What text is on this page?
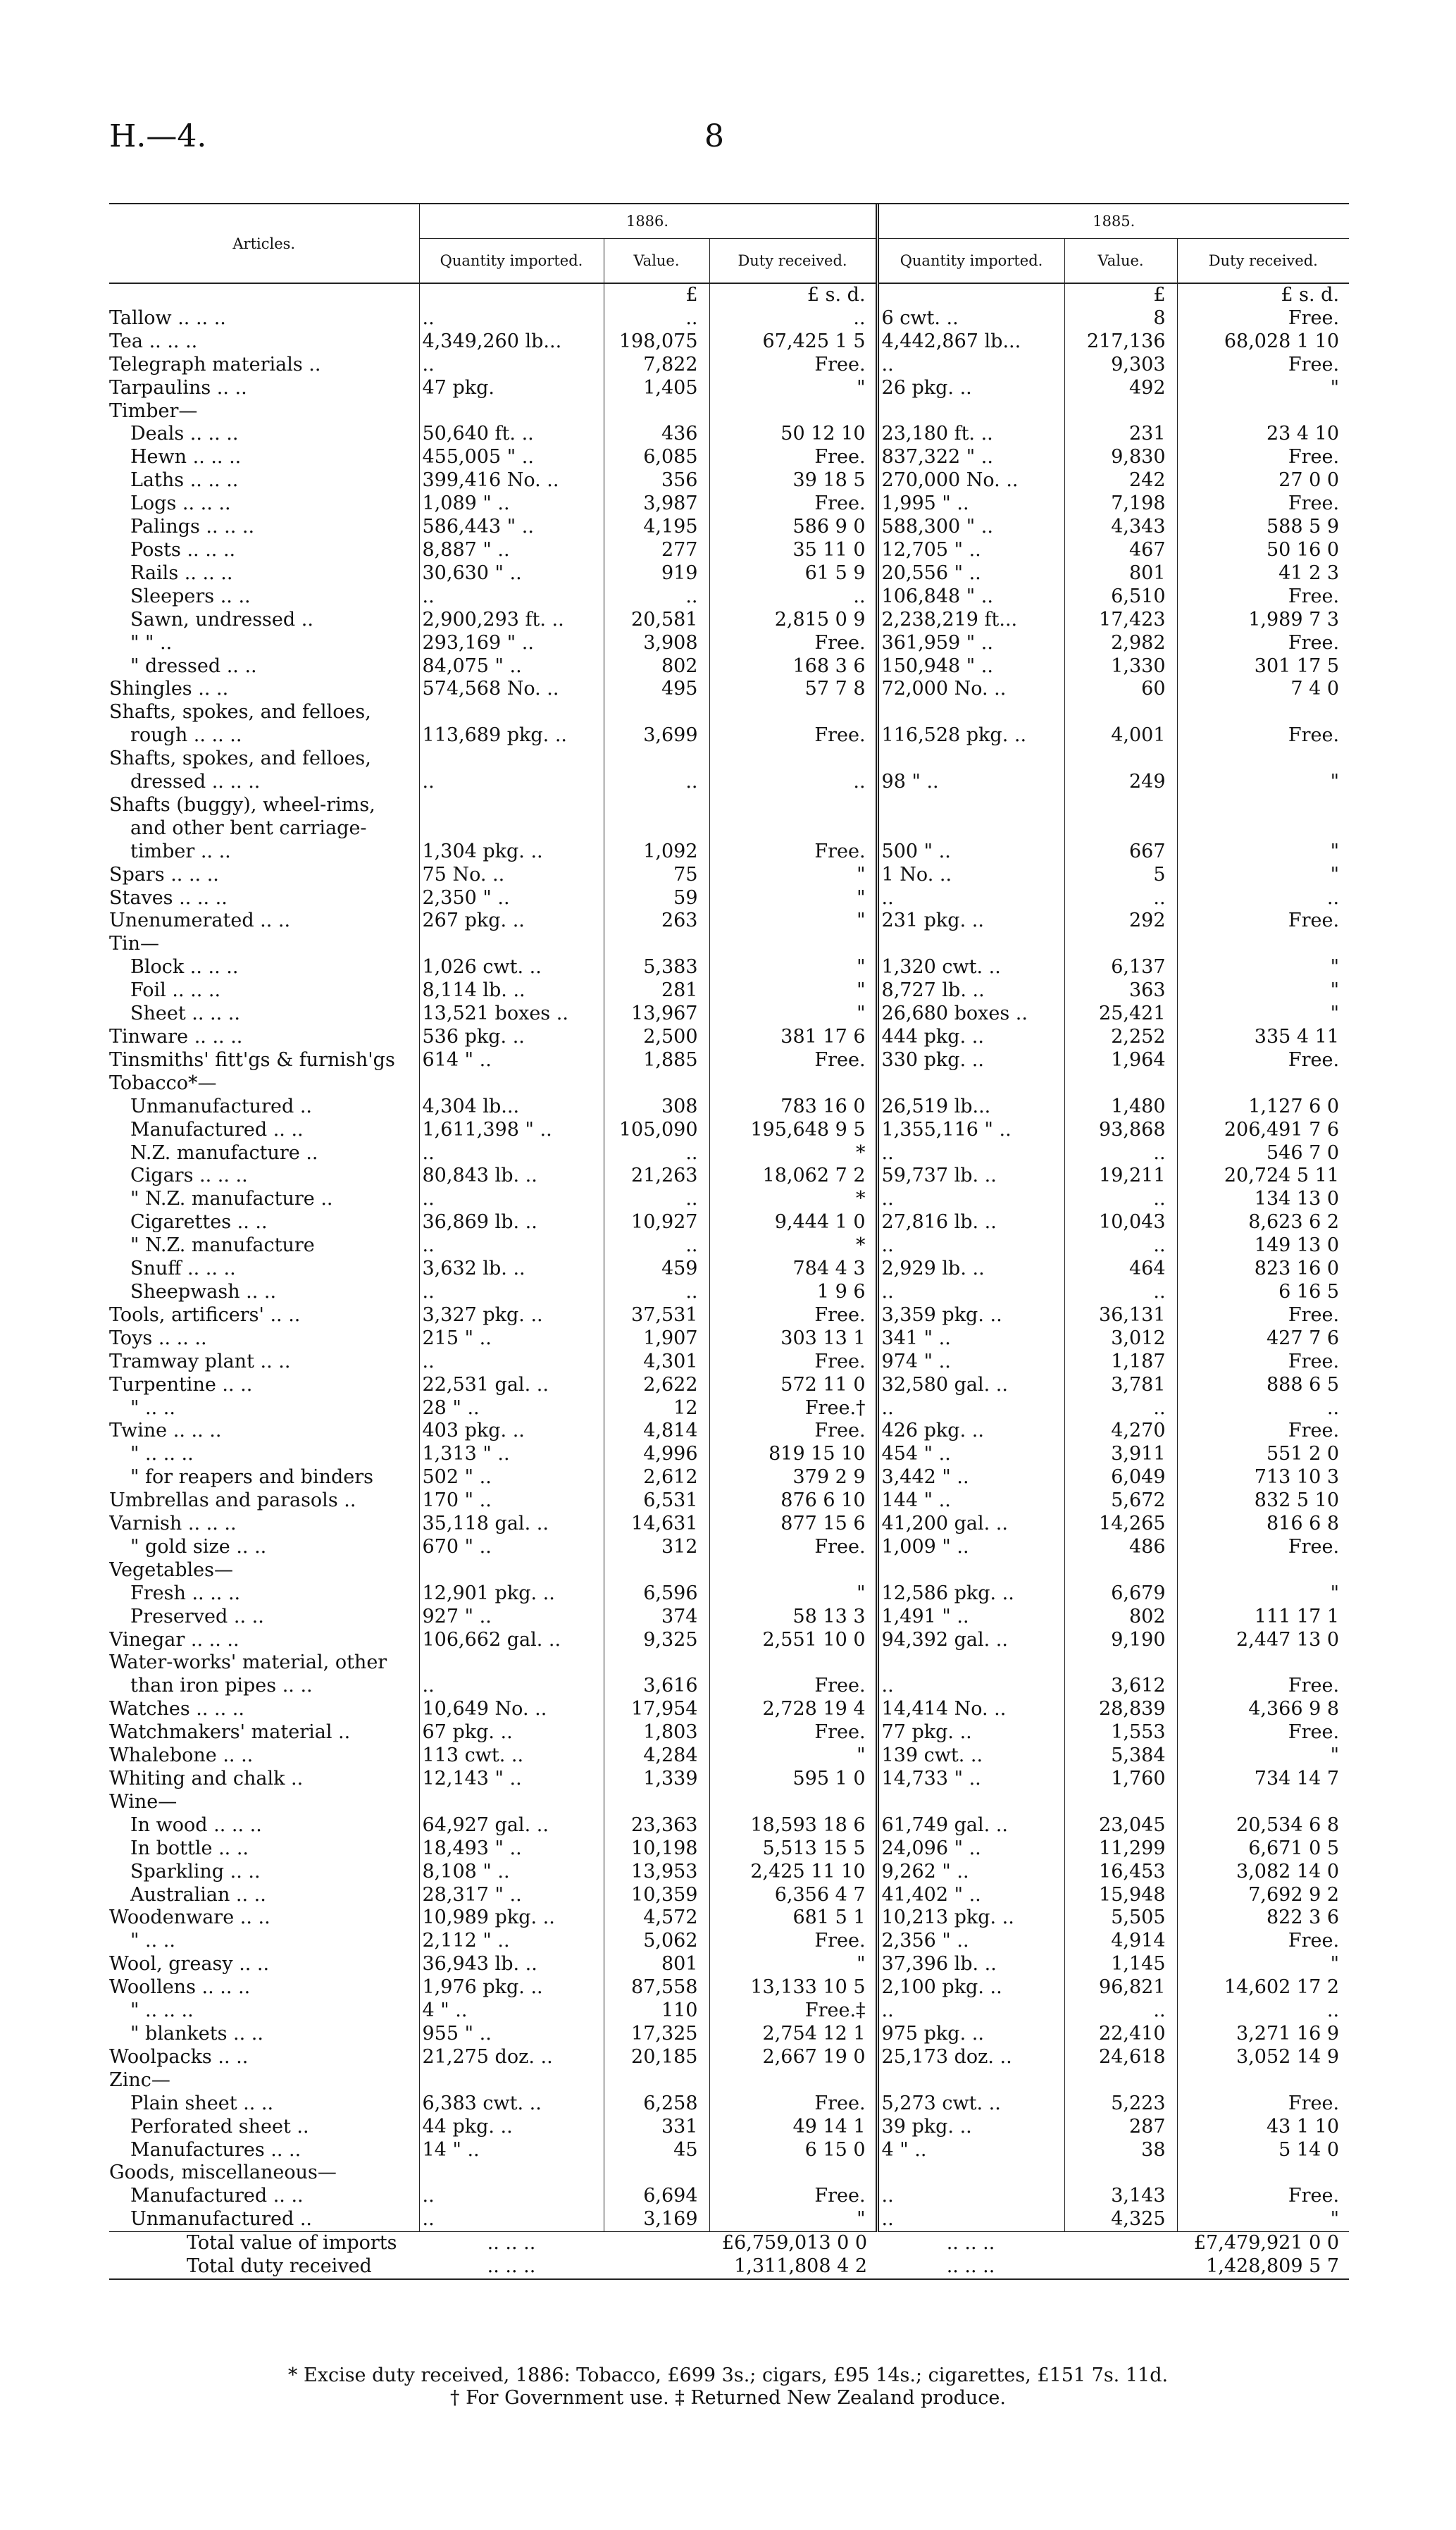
H.—4.	8
Articles.	1886.			1885.		
	Quantity imported.	Value.	Duty received.	Quantity imported.	Value.	Duty received.
		£	£ s. d.		£	£ s. d.
Tallow .. .. ..	..	..	..	6 cwt. ..	8	Free.
Tea .. .. ..	4,349,260 lb...	198,075	67,425 1 5	4,442,867 lb...	217,136	68,028 1 10
Telegraph materials ..	..	7,822	Free.	..	9,303	Free.
Tarpaulins .. ..	47 pkg.	1,405	"	26 pkg. ..	492	"
Timber—						
Deals .. .. ..	50,640 ft. ..	436	50 12 10	23,180 ft. ..	231	23 4 10
Hewn .. .. ..	455,005 " ..	6,085	Free.	837,322 " ..	9,830	Free.
Laths .. .. ..	399,416 No. ..	356	39 18 5	270,000 No. ..	242	27 0 0
Logs .. .. ..	1,089 " ..	3,987	Free.	1,995 " ..	7,198	Free.
Palings .. .. ..	586,443 " ..	4,195	586 9 0	588,300 " ..	4,343	588 5 9
Posts .. .. ..	8,887 " ..	277	35 11 0	12,705 " ..	467	50 16 0
Rails .. .. ..	30,630 " ..	919	61 5 9	20,556 " ..	801	41 2 3
Sleepers .. ..	..	..	..	106,848 " ..	6,510	Free.
Sawn, undressed ..	2,900,293 ft. ..	20,581	2,815 0 9	2,238,219 ft...	17,423	1,989 7 3
" " ..	293,169 " ..	3,908	Free.	361,959 " ..	2,982	Free.
" dressed .. ..	84,075 " ..	802	168 3 6	150,948 " ..	1,330	301 17 5
Shingles .. ..	574,568 No. ..	495	57 7 8	72,000 No. ..	60	7 4 0
Shafts, spokes, and felloes,						
rough .. .. ..	113,689 pkg. ..	3,699	Free.	116,528 pkg. ..	4,001	Free.
Shafts, spokes, and felloes,						
dressed .. .. ..	..	..	..	98 " ..	249	"
Shafts (buggy), wheel-rims,						
and other bent carriage-						
timber .. ..	1,304 pkg. ..	1,092	Free.	500 " ..	667	"
Spars .. .. ..	75 No. ..	75	"	1 No. ..	5	"
Staves .. .. ..	2,350 " ..	59	"	..	..	..
Unenumerated .. ..	267 pkg. ..	263	"	231 pkg. ..	292	Free.
Tin—						
Block .. .. ..	1,026 cwt. ..	5,383	"	1,320 cwt. ..	6,137	"
Foil .. .. ..	8,114 lb. ..	281	"	8,727 lb. ..	363	"
Sheet .. .. ..	13,521 boxes ..	13,967	"	26,680 boxes ..	25,421	"
Tinware .. .. ..	536 pkg. ..	2,500	381 17 6	444 pkg. ..	2,252	335 4 11
Tinsmiths' fitt'gs & furnish'gs	614 " ..	1,885	Free.	330 pkg. ..	1,964	Free.
Tobacco*—						
Unmanufactured ..	4,304 lb...	308	783 16 0	26,519 lb...	1,480	1,127 6 0
Manufactured .. ..	1,611,398 " ..	105,090	195,648 9 5	1,355,116 " ..	93,868	206,491 7 6
N.Z. manufacture ..	..	..	*	..	..	546 7 0
Cigars .. .. ..	80,843 lb. ..	21,263	18,062 7 2	59,737 lb. ..	19,211	20,724 5 11
" N.Z. manufacture ..	..	..	*	..	..	134 13 0
Cigarettes .. ..	36,869 lb. ..	10,927	9,444 1 0	27,816 lb. ..	10,043	8,623 6 2
" N.Z. manufacture	..	..	*	..	..	149 13 0
Snuff .. .. ..	3,632 lb. ..	459	784 4 3	2,929 lb. ..	464	823 16 0
Sheepwash .. ..	..	..	1 9 6	..	..	6 16 5
Tools, artificers' .. ..	3,327 pkg. ..	37,531	Free.	3,359 pkg. ..	36,131	Free.
Toys .. .. ..	215 " ..	1,907	303 13 1	341 " ..	3,012	427 7 6
Tramway plant .. ..	..	4,301	Free.	974 " ..	1,187	Free.
Turpentine .. ..	22,531 gal. ..	2,622	572 11 0	32,580 gal. ..	3,781	888 6 5
" .. ..	28 " ..	12	Free.†	..	..	..
Twine .. .. ..	403 pkg. ..	4,814	Free.	426 pkg. ..	4,270	Free.
" .. .. ..	1,313 " ..	4,996	819 15 10	454 " ..	3,911	551 2 0
" for reapers and binders	502 " ..	2,612	379 2 9	3,442 " ..	6,049	713 10 3
Umbrellas and parasols ..	170 " ..	6,531	876 6 10	144 " ..	5,672	832 5 10
Varnish .. .. ..	35,118 gal. ..	14,631	877 15 6	41,200 gal. ..	14,265	816 6 8
" gold size .. ..	670 " ..	312	Free.	1,009 " ..	486	Free.
Vegetables—						
Fresh .. .. ..	12,901 pkg. ..	6,596	"	12,586 pkg. ..	6,679	"
Preserved .. ..	927 " ..	374	58 13 3	1,491 " ..	802	111 17 1
Vinegar .. .. ..	106,662 gal. ..	9,325	2,551 10 0	94,392 gal. ..	9,190	2,447 13 0
Water-works' material, other						
than iron pipes .. ..	..	3,616	Free.	..	3,612	Free.
Watches .. .. ..	10,649 No. ..	17,954	2,728 19 4	14,414 No. ..	28,839	4,366 9 8
Watchmakers' material ..	67 pkg. ..	1,803	Free.	77 pkg. ..	1,553	Free.
Whalebone .. ..	113 cwt. ..	4,284	"	139 cwt. ..	5,384	"
Whiting and chalk ..	12,143 " ..	1,339	595 1 0	14,733 " ..	1,760	734 14 7
Wine—						
In wood .. .. ..	64,927 gal. ..	23,363	18,593 18 6	61,749 gal. ..	23,045	20,534 6 8
In bottle .. ..	18,493 " ..	10,198	5,513 15 5	24,096 " ..	11,299	6,671 0 5
Sparkling .. ..	8,108 " ..	13,953	2,425 11 10	9,262 " ..	16,453	3,082 14 0
Australian .. ..	28,317 " ..	10,359	6,356 4 7	41,402 " ..	15,948	7,692 9 2
Woodenware .. ..	10,989 pkg. ..	4,572	681 5 1	10,213 pkg. ..	5,505	822 3 6
" .. ..	2,112 " ..	5,062	Free.	2,356 " ..	4,914	Free.
Wool, greasy .. ..	36,943 lb. ..	801	"	37,396 lb. ..	1,145	"
Woollens .. .. ..	1,976 pkg. ..	87,558	13,133 10 5	2,100 pkg. ..	96,821	14,602 17 2
" .. .. ..	4 " ..	110	Free.‡	..	..	..
" blankets .. ..	955 " ..	17,325	2,754 12 1	975 pkg. ..	22,410	3,271 16 9
Woolpacks .. ..	21,275 doz. ..	20,185	2,667 19 0	25,173 doz. ..	24,618	3,052 14 9
Zinc—						
Plain sheet .. ..	6,383 cwt. ..	6,258	Free.	5,273 cwt. ..	5,223	Free.
Perforated sheet ..	44 pkg. ..	331	49 14 1	39 pkg. ..	287	43 1 10
Manufactures .. ..	14 " ..	45	6 15 0	4 " ..	38	5 14 0
Goods, miscellaneous—						
Manufactured .. ..	..	6,694	Free.	..	3,143	Free.
Unmanufactured ..	..	3,169	"	..	4,325	"
Total value of imports	.. .. ..	£6,759,013 0 0		.. .. ..	£7,479,921 0 0	
Total duty received	.. .. ..	1,311,808 4 2		.. .. ..	1,428,809 5 7	
* Excise duty received, 1886: Tobacco, £699 3s.; cigars, £95 14s.; cigarettes, £151 7s. 11d.
† For Government use. ‡ Returned New Zealand produce.
